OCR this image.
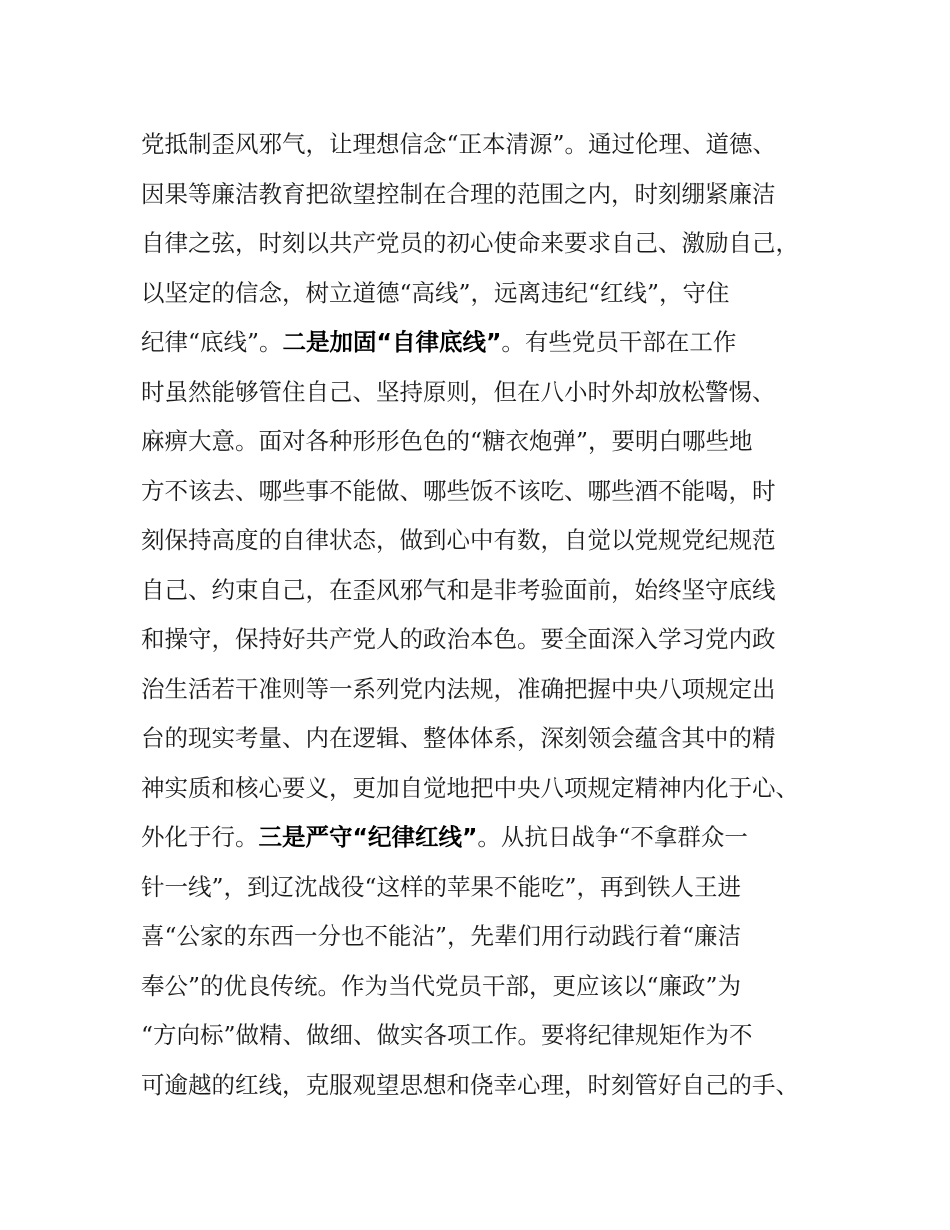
党抵制歪风邪气，让理想信念“正本清源”。通过伦理、道德、
因果等廉洁教育把欲望控制在合理的范围之内，时刻绷紧廉洁
自律之弦，时刻以共产党员的初心使命来要求自己、激励自己，
以坚定的信念，树立道德“高线”，远离违纪“红线”，守住
纪律“底线”。二是加固“自律底线”。有些党员干部在工作
时虽然能够管住自己、坚持原则，但在八小时外却放松警惕、
麻痹大意。面对各种形形色色的“糖衣炮弹”，要明白哪些地
方不该去、哪些事不能做、哪些饭不该吃、哪些酒不能喝，时
刻保持高度的自律状态，做到心中有数，自觉以党规党纪规范
自己、约束自己，在歪风邪气和是非考验面前，始终坚守底线
和操守，保持好共产党人的政治本色。要全面深入学习党内政
治生活若干准则等一系列党内法规，准确把握中央八项规定出
台的现实考量、内在逻辑、整体体系，深刻领会蕴含其中的精
神实质和核心要义，更加自觉地把中央八项规定精神内化于心、
外化于行。三是严守“纪律红线”。从抗日战争“不拿群众一
针一线”，到辽沈战役“这样的苹果不能吃”，再到铁人王进
喜“公家的东西一分也不能沾”，先辈们用行动践行着“廉洁
奉公”的优良传统。作为当代党员干部，更应该以“廉政”为
“方向标”做精、做细、做实各项工作。要将纪律规矩作为不
可逾越的红线，克服观望思想和侥幸心理，时刻管好自己的手、
